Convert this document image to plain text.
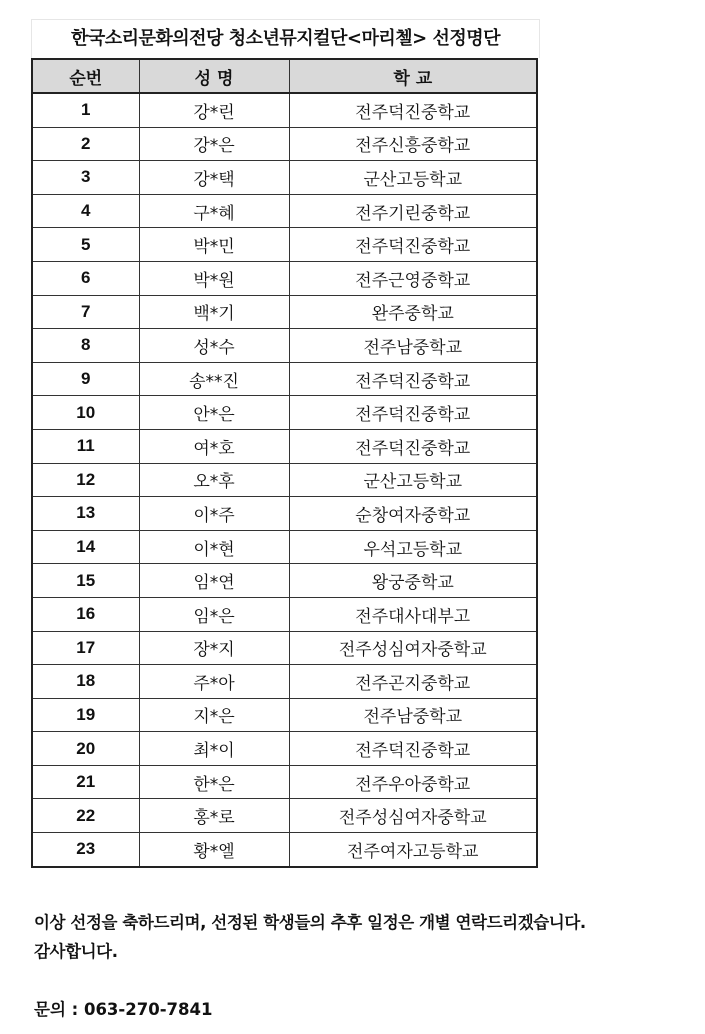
한국소리문화의전당 청소년뮤지컬단<마리첼> 선정명단
순번	성 명	학 교
1	강*린	전주덕진중학교
2	강*은	전주신흥중학교
3	강*택	군산고등학교
4	구*혜	전주기린중학교
5	박*민	전주덕진중학교
6	박*원	전주근영중학교
7	백*기	완주중학교
8	성*수	전주남중학교
9	송**진	전주덕진중학교
10	안*은	전주덕진중학교
11	여*호	전주덕진중학교
12	오*후	군산고등학교
13	이*주	순창여자중학교
14	이*현	우석고등학교
15	임*연	왕궁중학교
16	임*은	전주대사대부고
17	장*지	전주성심여자중학교
18	주*아	전주곤지중학교
19	지*은	전주남중학교
20	최*이	전주덕진중학교
21	한*은	전주우아중학교
22	홍*로	전주성심여자중학교
23	황*엘	전주여자고등학교

이상 선정을 축하드리며, 선정된 학생들의 추후 일정은 개별 연락드리겠습니다.

감사합니다.

문의 : 063-270-7841
